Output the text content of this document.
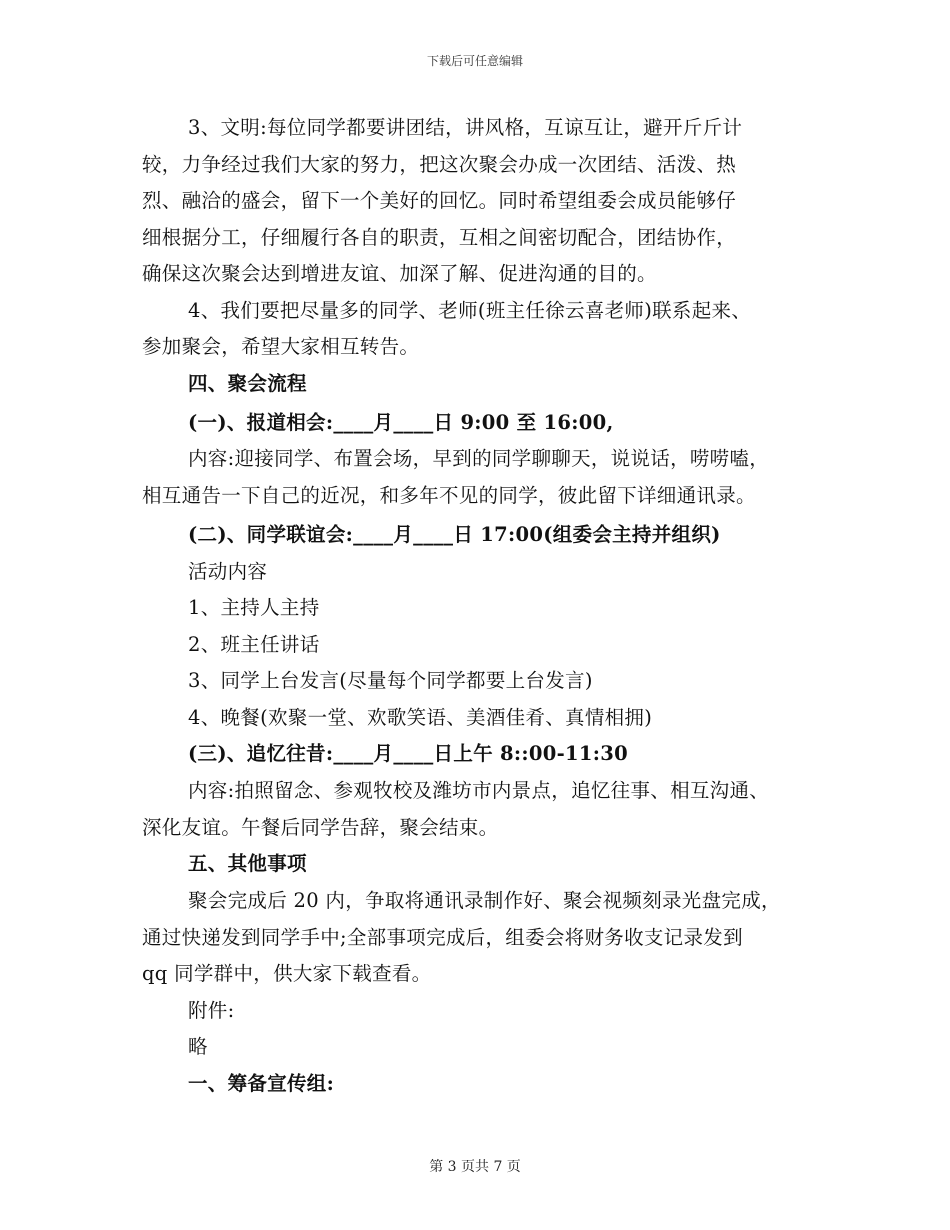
下载后可任意编辑
3、文明:每位同学都要讲团结，讲风格，互谅互让，避开斤斤计
较，力争经过我们大家的努力，把这次聚会办成一次团结、活泼、热
烈、融洽的盛会，留下一个美好的回忆。同时希望组委会成员能够仔
细根据分工，仔细履行各自的职责，互相之间密切配合，团结协作，
确保这次聚会达到增进友谊、加深了解、促进沟通的目的。
4、我们要把尽量多的同学、老师(班主任徐云喜老师)联系起来、
参加聚会，希望大家相互转告。
四、聚会流程
(一)、报道相会:____月____日 9:00 至 16:00,
内容:迎接同学、布置会场，早到的同学聊聊天，说说话，唠唠嗑，
相互通告一下自己的近况，和多年不见的同学，彼此留下详细通讯录。
(二)、同学联谊会:____月____日 17:00(组委会主持并组织)
活动内容
1、主持人主持
2、班主任讲话
3、同学上台发言(尽量每个同学都要上台发言)
4、晚餐(欢聚一堂、欢歌笑语、美酒佳肴、真情相拥)
(三)、追忆往昔:____月____日上午 8::00-11:30
内容:拍照留念、参观牧校及潍坊市内景点，追忆往事、相互沟通、
深化友谊。午餐后同学告辞，聚会结束。
五、其他事项
聚会完成后 20 内，争取将通讯录制作好、聚会视频刻录光盘完成，
通过快递发到同学手中;全部事项完成后，组委会将财务收支记录发到
qq 同学群中，供大家下载查看。
附件:
略
一、筹备宣传组:
第 3 页共 7 页
